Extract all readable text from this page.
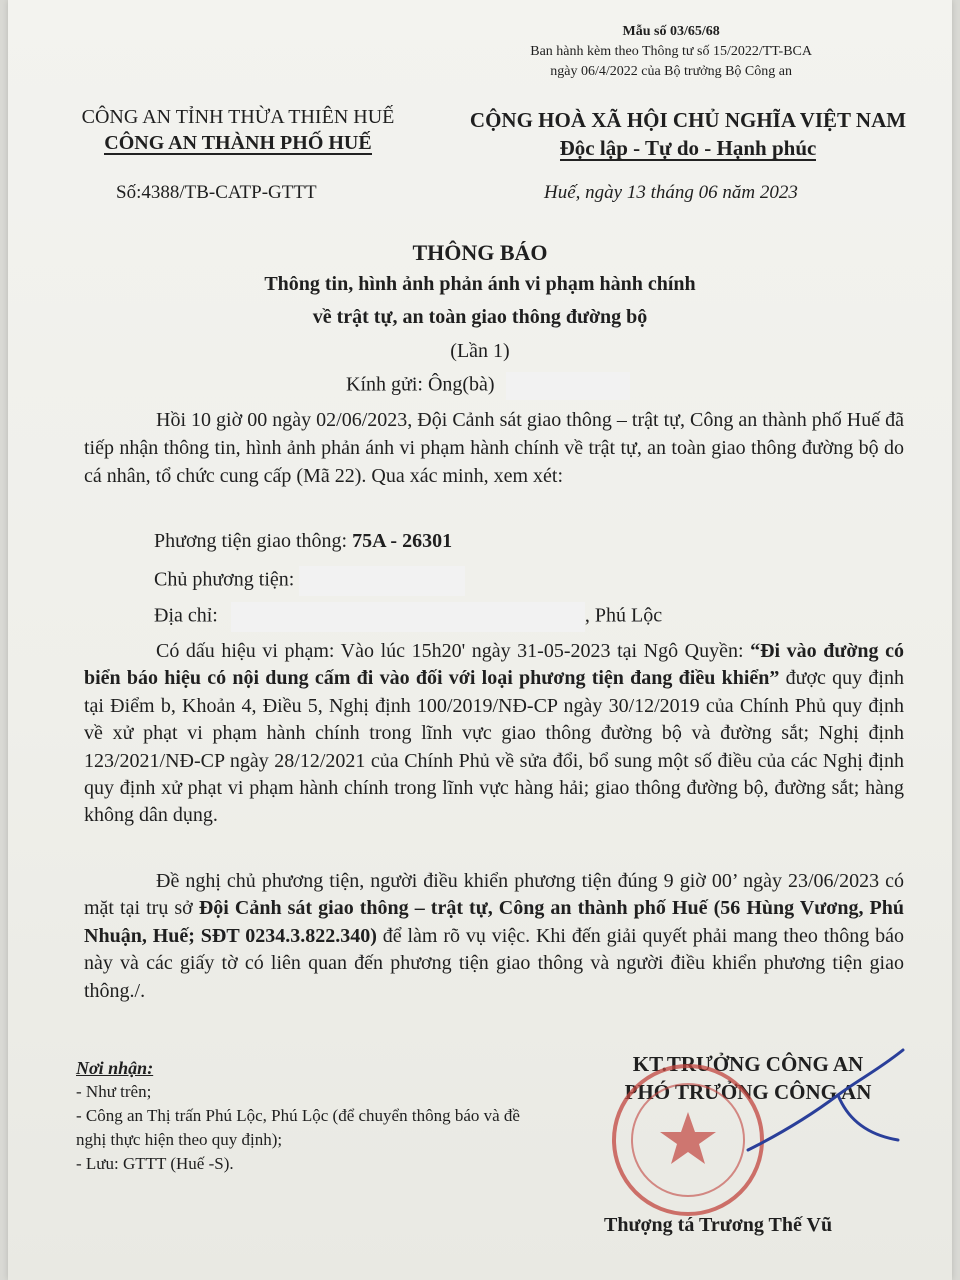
Mẫu số 03/65/68
Ban hành kèm theo Thông tư số 15/2022/TT-BCA
ngày 06/4/2022 của Bộ trưởng Bộ Công an
CÔNG AN TỈNH THỪA THIÊN HUẾ
CÔNG AN THÀNH PHỐ HUẾ
CỘNG HOÀ XÃ HỘI CHỦ NGHĨA VIỆT NAM
Độc lập - Tự do - Hạnh phúc
Số:4388/TB-CATP-GTTT	Huế, ngày 13 tháng 06 năm 2023
THÔNG BÁO
Thông tin, hình ảnh phản ánh vi phạm hành chính
về trật tự, an toàn giao thông đường bộ
(Lần 1)
Kính gửi: Ông(bà)

Hồi 10 giờ 00 ngày 02/06/2023, Đội Cảnh sát giao thông – trật tự, Công an thành phố Huế đã tiếp nhận thông tin, hình ảnh phản ánh vi phạm hành chính về trật tự, an toàn giao thông đường bộ do cá nhân, tổ chức cung cấp (Mã 22). Qua xác minh, xem xét:

Phương tiện giao thông: 75A - 26301
Chủ phương tiện:
Địa chỉ:	, Phú Lộc

Có dấu hiệu vi phạm: Vào lúc 15h20' ngày 31-05-2023 tại Ngô Quyền: “Đi vào đường có biển báo hiệu có nội dung cấm đi vào đối với loại phương tiện đang điều khiển” được quy định tại Điểm b, Khoản 4, Điều 5, Nghị định 100/2019/NĐ-CP ngày 30/12/2019 của Chính Phủ quy định về xử phạt vi phạm hành chính trong lĩnh vực giao thông đường bộ và đường sắt; Nghị định 123/2021/NĐ-CP ngày 28/12/2021 của Chính Phủ về sửa đổi, bổ sung một số điều của các Nghị định quy định xử phạt vi phạm hành chính trong lĩnh vực hàng hải; giao thông đường bộ, đường sắt; hàng không dân dụng.

Đề nghị chủ phương tiện, người điều khiển phương tiện đúng 9 giờ 00’ ngày 23/06/2023 có mặt tại trụ sở Đội Cảnh sát giao thông – trật tự, Công an thành phố Huế (56 Hùng Vương, Phú Nhuận, Huế; SĐT 0234.3.822.340) để làm rõ vụ việc. Khi đến giải quyết phải mang theo thông báo này và các giấy tờ có liên quan đến phương tiện giao thông và người điều khiển phương tiện giao thông./.

Nơi nhận:
- Như trên;
- Công an Thị trấn Phú Lộc, Phú Lộc (để chuyển thông báo và đề nghị thực hiện theo quy định);
- Lưu: GTTT (Huế -S).
KT.TRƯỞNG CÔNG AN
PHÓ TRƯỞNG CÔNG AN
Thượng tá Trương Thế Vũ
